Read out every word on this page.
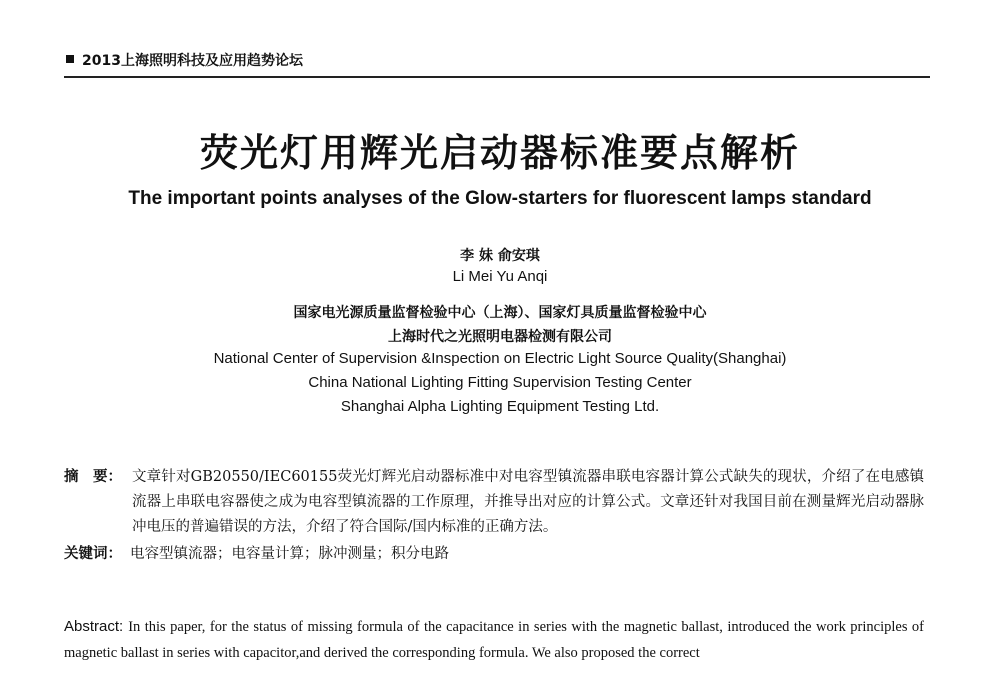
2013上海照明科技及应用趋势论坛
荧光灯用辉光启动器标准要点解析
The important points analyses of the Glow-starters for fluorescent lamps standard
李 妹 俞安琪
Li Mei Yu Anqi
国家电光源质量监督检验中心（上海）、国家灯具质量监督检验中心
上海时代之光照明电器检测有限公司
National Center of Supervision &Inspection on Electric Light Source Quality(Shanghai)
China National Lighting Fitting Supervision Testing Center
Shanghai Alpha Lighting Equipment Testing Ltd.
摘　要： 文章针对GB20550/IEC60155荧光灯辉光启动器标准中对电容型镇流器串联电容器计算公式缺失的现状，介绍了在电感镇流器上串联电容器使之成为电容型镇流器的工作原理，并推导出对应的计算公式。文章还针对我国目前在测量辉光启动器脉冲电压的普遍错误的方法，介绍了符合国际/国内标准的正确方法。
关键词： 电容型镇流器；电容量计算；脉冲测量；积分电路
Abstract: In this paper, for the status of missing formula of the capacitance in series with the magnetic ballast, introduced the work principles of magnetic ballast in series with capacitor,and derived the corresponding formula. We also proposed the correct
